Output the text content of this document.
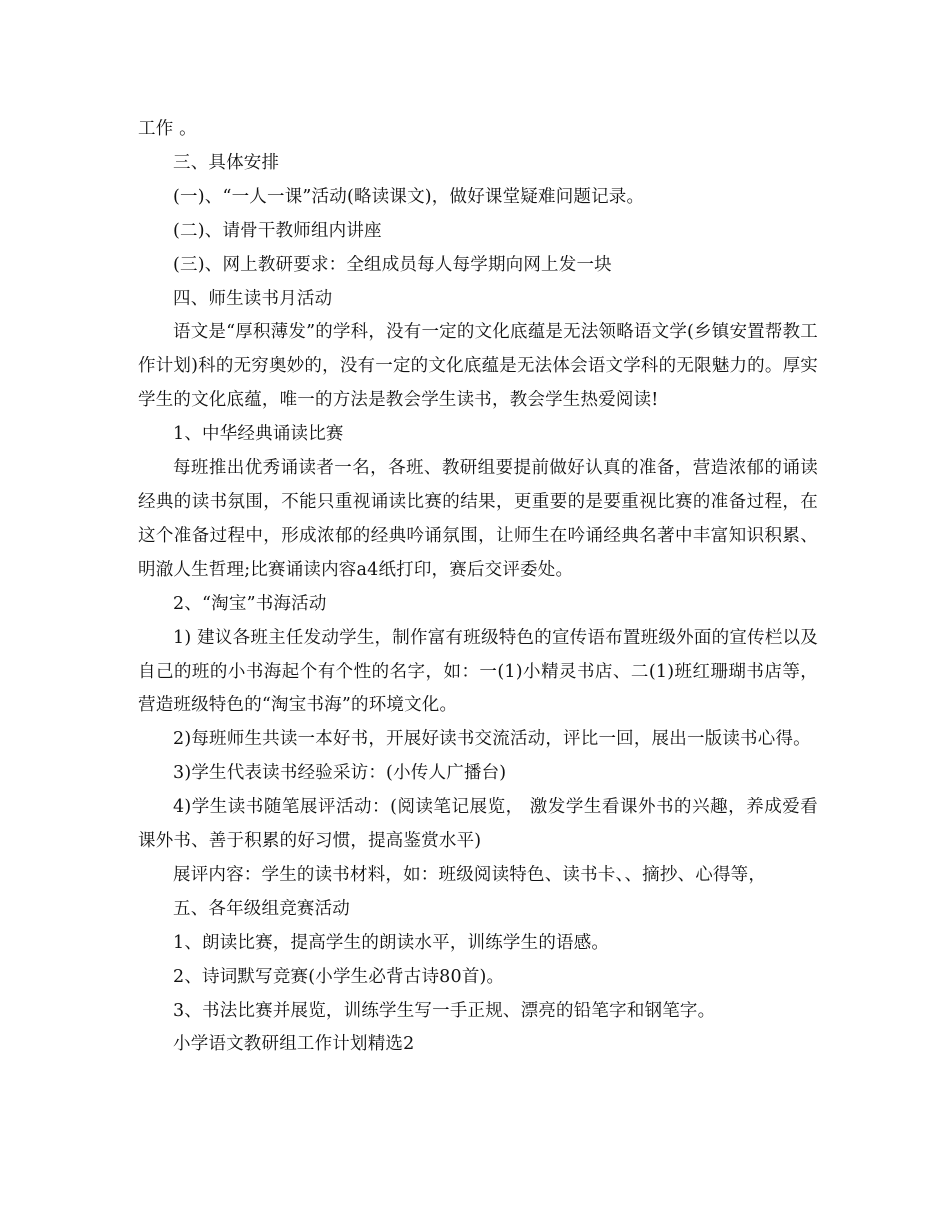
工作 。

三、具体安排

(一)、“一人一课”活动(略读课文)，做好课堂疑难问题记录。

(二)、请骨干教师组内讲座

(三)、网上教研要求：全组成员每人每学期向网上发一块

四、师生读书月活动

语文是“厚积薄发”的学科，没有一定的文化底蕴是无法领略语文学(乡镇安置帮教工作计划)科的无穷奥妙的，没有一定的文化底蕴是无法体会语文学科的无限魅力的。厚实学生的文化底蕴，唯一的方法是教会学生读书，教会学生热爱阅读!

1、中华经典诵读比赛

每班推出优秀诵读者一名，各班、教研组要提前做好认真的准备，营造浓郁的诵读经典的读书氛围，不能只重视诵读比赛的结果，更重要的是要重视比赛的准备过程，在这个准备过程中，形成浓郁的经典吟诵氛围，让师生在吟诵经典名著中丰富知识积累、明澈人生哲理;比赛诵读内容a4纸打印，赛后交评委处。

2、“淘宝”书海活动

1) 建议各班主任发动学生，制作富有班级特色的宣传语布置班级外面的宣传栏以及自己的班的小书海起个有个性的名字，如：一(1)小精灵书店、二(1)班红珊瑚书店等，营造班级特色的“淘宝书海”的环境文化。

2)每班师生共读一本好书，开展好读书交流活动，评比一回，展出一版读书心得。

3)学生代表读书经验采访：(小传人广播台)

4)学生读书随笔展评活动：(阅读笔记展览， 激发学生看课外书的兴趣，养成爱看课外书、善于积累的好习惯，提高鉴赏水平)

展评内容：学生的读书材料，如：班级阅读特色、读书卡、、摘抄、心得等，

五、各年级组竞赛活动

1、朗读比赛，提高学生的朗读水平，训练学生的语感。

2、诗词默写竞赛(小学生必背古诗80首)。

3、书法比赛并展览，训练学生写一手正规、漂亮的铅笔字和钢笔字。

小学语文教研组工作计划精选2
